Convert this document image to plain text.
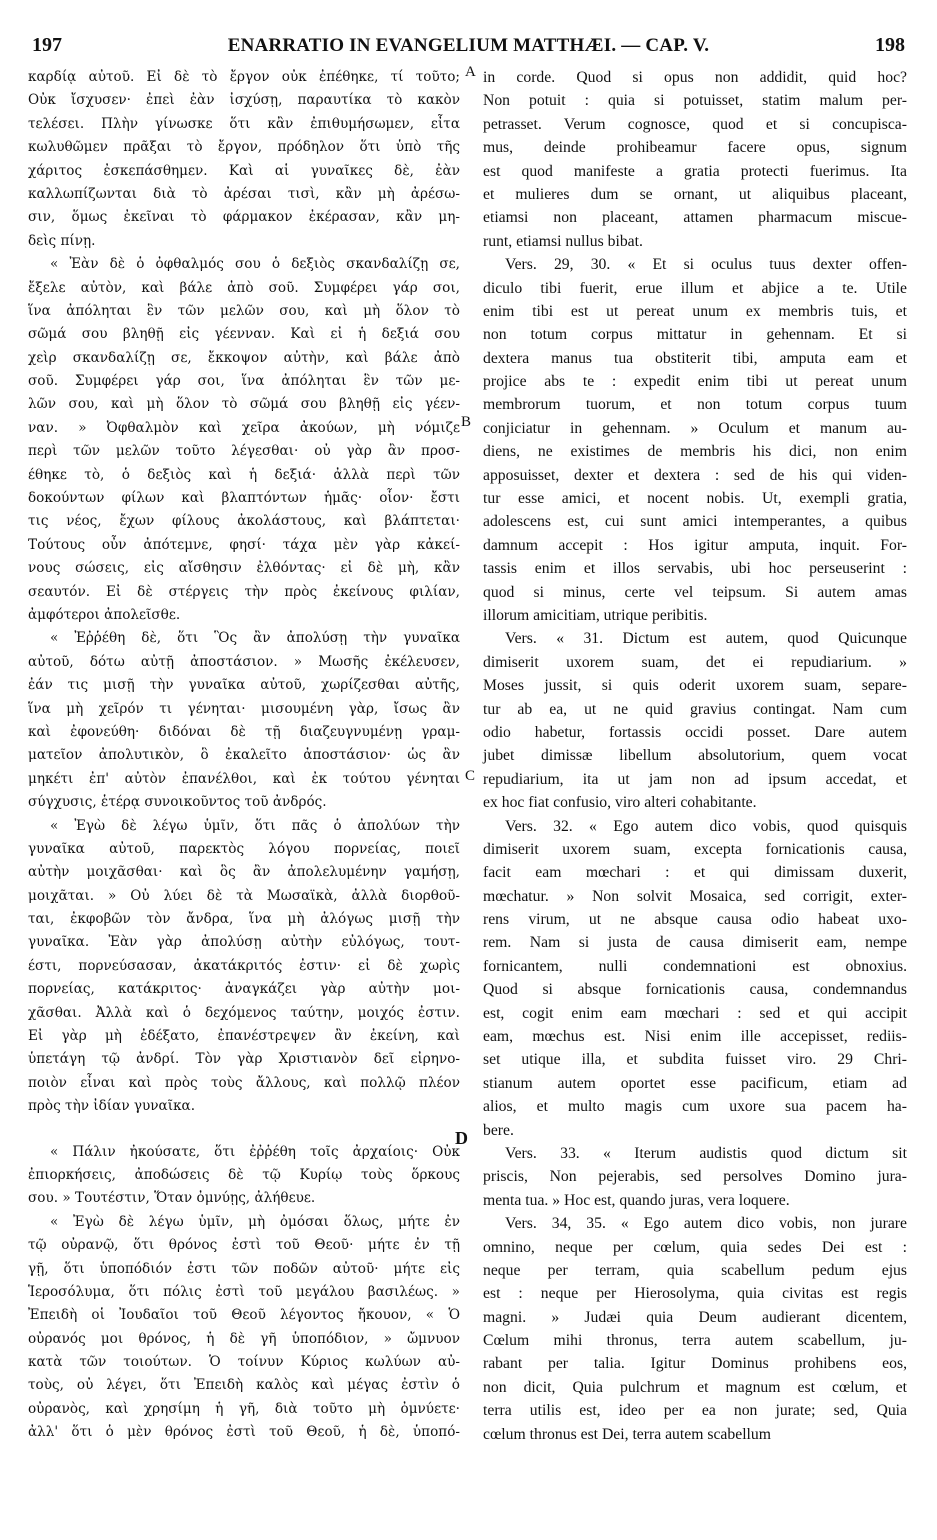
197	ENARRATIO IN EVANGELIUM MATTHÆI. — CAP. V.	198
καρδίᾳ αὐτοῦ. Εἰ δὲ τὸ ἔργον οὐκ ἐπέθηκε, τί τοῦτο;
Οὐκ ἴσχυσεν· ἐπεὶ ἐὰν ἰσχύσῃ, παραυτίκα τὸ κακὸν
τελέσει. Πλὴν γίνωσκε ὅτι κἂν ἐπιθυμήσωμεν, εἶτα
κωλυθῶμεν πρᾶξαι τὸ ἔργον, πρόδηλον ὅτι ὑπὸ τῆς
χάριτος ἐσκεπάσθημεν. Καὶ αἱ γυναῖκες δὲ, ἐὰν
καλλωπίζωνται διὰ τὸ ἀρέσαι τισὶ, κἂν μὴ ἀρέσω-
σιν, ὅμως ἐκεῖναι τὸ φάρμακον ἐκέρασαν, κἂν μη-
δεὶς πίνῃ.
« Ἐὰν δὲ ὁ ὀφθαλμός σου ὁ δεξιὸς σκανδαλίζῃ σε,
ἔξελε αὐτὸν, καὶ βάλε ἀπὸ σοῦ. Συμφέρει γάρ σοι,
ἵνα ἀπόληται ἓν τῶν μελῶν σου, καὶ μὴ ὅλον τὸ
σῶμά σου βληθῇ εἰς γέενναν. Καὶ εἰ ἡ δεξιά σου
χεὶρ σκανδαλίζῃ σε, ἔκκοψον αὐτὴν, καὶ βάλε ἀπὸ
σοῦ. Συμφέρει γάρ σοι, ἵνα ἀπόληται ἓν τῶν με-
λῶν σου, καὶ μὴ ὅλον τὸ σῶμά σου βληθῇ εἰς γέεν-
ναν. » Ὀφθαλμὸν καὶ χεῖρα ἀκούων, μὴ νόμιζε
περὶ τῶν μελῶν τοῦτο λέγεσθαι· οὐ γὰρ ἂν προσ-
έθηκε τὸ, ὁ δεξιὸς καὶ ἡ δεξιά· ἀλλὰ περὶ τῶν
δοκούντων φίλων καὶ βλαπτόντων ἡμᾶς· οἷον· ἔστι
τις νέος, ἔχων φίλους ἀκολάστους, καὶ βλάπτεται·
Τούτους οὖν ἀπότεμνε, φησί· τάχα μὲν γὰρ κἀκεί-
νους σώσεις, εἰς αἴσθησιν ἐλθόντας· εἰ δὲ μὴ, κἂν
σεαυτόν. Εἰ δὲ στέργεις τὴν πρὸς ἐκείνους φιλίαν,
ἀμφότεροι ἀπολεῖσθε.
« Ἐῤῥέθη δὲ, ὅτι Ὃς ἂν ἀπολύσῃ τὴν γυναῖκα
αὐτοῦ, δότω αὐτῇ ἀποστάσιον. » Μωσῆς ἐκέλευσεν,
ἐάν τις μισῇ τὴν γυναῖκα αὐτοῦ, χωρίζεσθαι αὐτῆς,
ἵνα μὴ χεῖρόν τι γένηται· μισουμένη γὰρ, ἴσως ἂν
καὶ ἐφονεύθη· διδόναι δὲ τῇ διαζευγνυμένῃ γραμ-
ματεῖον ἀπολυτικὸν, ὃ ἐκαλεῖτο ἀποστάσιον· ὡς ἂν
μηκέτι ἐπ' αὐτὸν ἐπανέλθοι, καὶ ἐκ τούτου γένηται
σύγχυσις, ἑτέρᾳ συνοικοῦντος τοῦ ἀνδρός.
« Ἐγὼ δὲ λέγω ὑμῖν, ὅτι πᾶς ὁ ἀπολύων τὴν
γυναῖκα αὐτοῦ, παρεκτὸς λόγου πορνείας, ποιεῖ
αὐτὴν μοιχᾶσθαι· καὶ ὃς ἂν ἀπολελυμένην γαμήσῃ,
μοιχᾶται. » Οὐ λύει δὲ τὰ Μωσαϊκὰ, ἀλλὰ διορθοῦ-
ται, ἐκφοβῶν τὸν ἄνδρα, ἵνα μὴ ἀλόγως μισῇ τὴν
γυναῖκα. Ἐὰν γὰρ ἀπολύσῃ αὐτὴν εὐλόγως, τουτ-
έστι, πορνεύσασαν, ἀκατάκριτός ἐστιν· εἰ δὲ χωρὶς
πορνείας, κατάκριτος· ἀναγκάζει γὰρ αὐτὴν μοι-
χᾶσθαι. Ἀλλὰ καὶ ὁ δεχόμενος ταύτην, μοιχός ἐστιν.
Εἰ γὰρ μὴ ἐδέξατο, ἐπανέστρεψεν ἂν ἐκείνη, καὶ
ὑπετάγη τῷ ἀνδρί. Τὸν γὰρ Χριστιανὸν δεῖ εἰρηνο-
ποιὸν εἶναι καὶ πρὸς τοὺς ἄλλους, καὶ πολλῷ πλέον
πρὸς τὴν ἰδίαν γυναῖκα.
« Πάλιν ἠκούσατε, ὅτι ἐῤῥέθη τοῖς ἀρχαίοις· Οὐκ
ἐπιορκήσεις, ἀποδώσεις δὲ τῷ Κυρίῳ τοὺς ὅρκους
σου. » Τουτέστιν, Ὅταν ὀμνύῃς, ἀλήθευε.
« Ἐγὼ δὲ λέγω ὑμῖν, μὴ ὀμόσαι ὅλως, μήτε ἐν
τῷ οὐρανῷ, ὅτι θρόνος ἐστὶ τοῦ Θεοῦ· μήτε ἐν τῇ
γῇ, ὅτι ὑποπόδιόν ἐστι τῶν ποδῶν αὐτοῦ· μήτε εἰς
Ἱεροσόλυμα, ὅτι πόλις ἐστὶ τοῦ μεγάλου βασιλέως. »
Ἐπειδὴ οἱ Ἰουδαῖοι τοῦ Θεοῦ λέγοντος ἤκουον, « Ὁ
οὐρανός μοι θρόνος, ἡ δὲ γῆ ὑποπόδιον, » ὤμνυον
κατὰ τῶν τοιούτων. Ὁ τοίνυν Κύριος κωλύων αὐ-
τοὺς, οὐ λέγει, ὅτι Ἐπειδὴ καλὸς καὶ μέγας ἐστὶν ὁ
οὐρανὸς, καὶ χρησίμη ἡ γῆ, διὰ τοῦτο μὴ ὀμνύετε·
ἀλλ' ὅτι ὁ μὲν θρόνος ἐστὶ τοῦ Θεοῦ, ἡ δὲ, ὑποπό-
in corde. Quod si opus non addidit, quid hoc?
Non potuit : quia si potuisset, statim malum per-
petrasset. Verum cognosce, quod et si concupisca-
mus, deinde prohibeamur facere opus, signum
est quod manifeste a gratia protecti fuerimus. Ita
et mulieres dum se ornant, ut aliquibus placeant,
etiamsi non placeant, attamen pharmacum miscue-
runt, etiamsi nullus bibat.
Vers. 29, 30. « Et si oculus tuus dexter offen-
diculo tibi fuerit, erue illum et abjice a te. Utile
enim tibi est ut pereat unum ex membris tuis, et
non totum corpus mittatur in gehennam. Et si
dextera manus tua obstiterit tibi, amputa eam et
projice abs te : expedit enim tibi ut pereat unum
membrorum tuorum, et non totum corpus tuum
conjiciatur in gehennam. » Oculum et manum au-
diens, ne existimes de membris his dici, non enim
apposuisset, dexter et dextera : sed de his qui viden-
tur esse amici, et nocent nobis. Ut, exempli gratia,
adolescens est, cui sunt amici intemperantes, a quibus
damnum accepit : Hos igitur amputa, inquit. For-
tassis enim et illos servabis, ubi hoc perseuserint :
quod si minus, certe vel teipsum. Si autem amas
illorum amicitiam, utrique peribitis.
Vers. « 31. Dictum est autem, quod Quicunque
dimiserit uxorem suam, det ei repudiarium. »
Moses jussit, si quis oderit uxorem suam, separe-
tur ab ea, ut ne quid gravius contingat. Nam cum
odio habetur, fortassis occidi posset. Dare autem
jubet dimissæ libellum absolutorium, quem vocat
repudiarium, ita ut jam non ad ipsum accedat, et
ex hoc fiat confusio, viro alteri cohabitante.
Vers. 32. « Ego autem dico vobis, quod quisquis
dimiserit uxorem suam, excepta fornicationis causa,
facit eam mœchari : et qui dimissam duxerit,
mœchatur. » Non solvit Mosaica, sed corrigit, exter-
rens virum, ut ne absque causa odio habeat uxo-
rem. Nam si justa de causa dimiserit eam, nempe
fornicantem, nulli condemnationi est obnoxius.
Quod si absque fornicationis causa, condemnandus
est, cogit enim eam mœchari : sed et qui accipit
eam, mœchus est. Nisi enim ille accepisset, rediis-
set utique illa, et subdita fuisset viro. 29 Chri-
stianum autem oportet esse pacificum, etiam ad
alios, et multo magis cum uxore sua pacem ha-
bere.
Vers. 33. « Iterum audistis quod dictum sit
priscis, Non pejerabis, sed persolves Domino jura-
menta tua. » Hoc est, quando juras, vera loquere.
Vers. 34, 35. « Ego autem dico vobis, non jurare
omnino, neque per cœlum, quia sedes Dei est :
neque per terram, quia scabellum pedum ejus
est : neque per Hierosolyma, quia civitas est regis
magni. » Judæi quia Deum audierant dicentem,
Cœlum mihi thronus, terra autem scabellum, ju-
rabant per talia. Igitur Dominus prohibens eos,
non dicit, Quia pulchrum et magnum est cœlum, et
terra utilis est, ideo per ea non jurate; sed, Quia
cœlum thronus est Dei, terra autem scabellum
A
B
C
D
